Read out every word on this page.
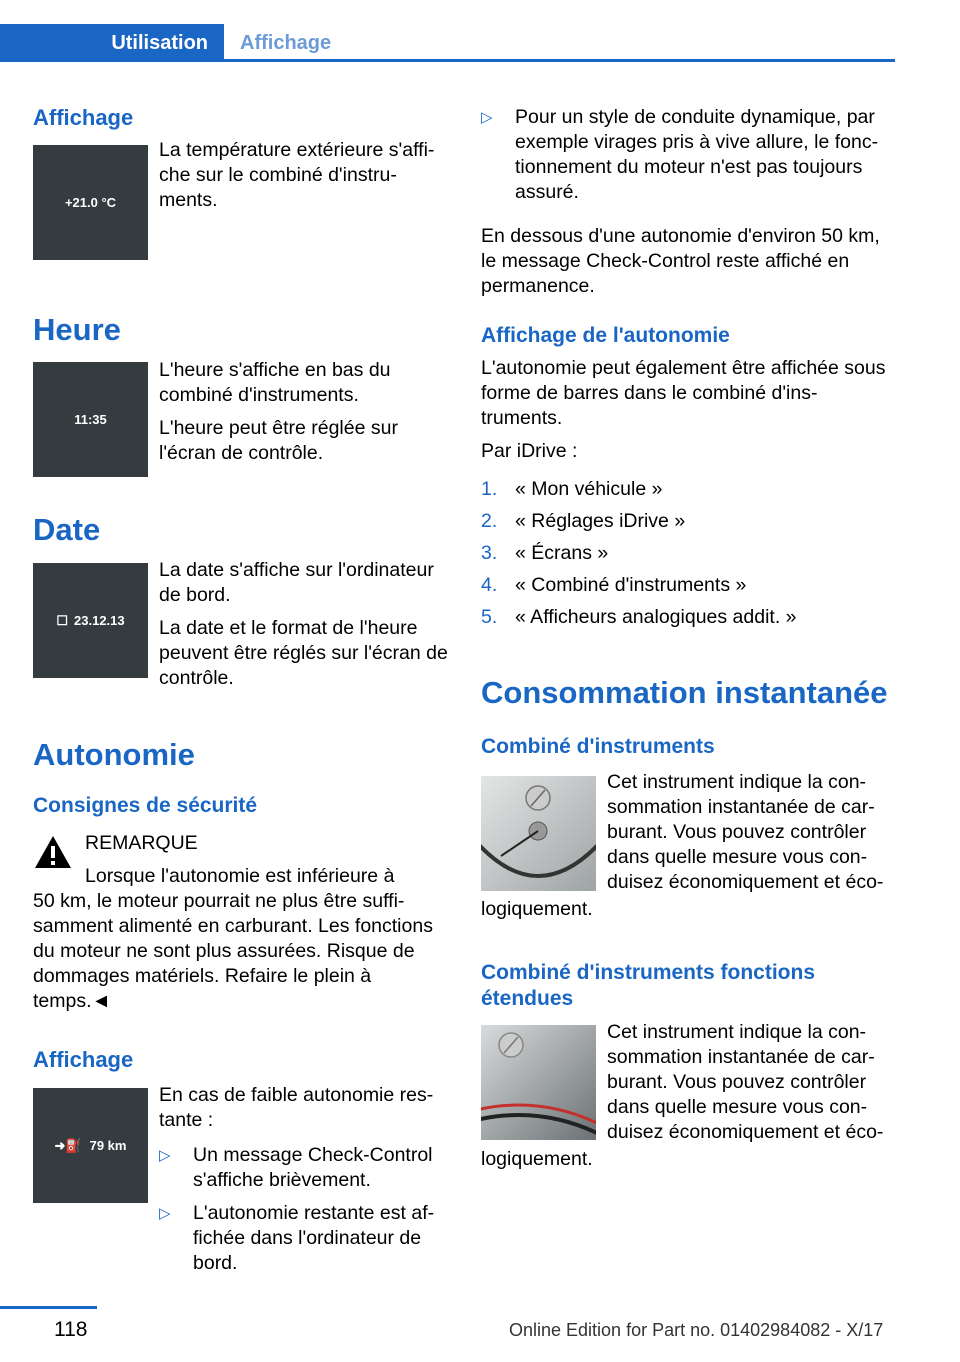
Utilisation	Affichage
Affichage
+21.0 °C
La température extérieure s'affi-che sur le combiné d'instru-ments.
Heure
11:35

L'heure s'affiche en bas du combiné d'instruments.

L'heure peut être réglée sur l'écran de contrôle.

Date
☐ 23.12.13

La date s'affiche sur l'ordinateur de bord.

La date et le format de l'heure peuvent être réglés sur l'écran de contrôle.

Autonomie
Consignes de sécurité
REMARQUE
Lorsque l'autonomie est inférieure à
50 km, le moteur pourrait ne plus être suffi-samment alimenté en carburant. Les fonctions du moteur ne sont plus assurées. Risque de dommages matériels. Refaire le plein à temps.◄
Affichage
➜⛽ 79 km

En cas de faible autonomie res-tante :

▷ Un message Check-Control s'affiche brièvement.
▷ L'autonomie restante est af-fichée dans l'ordinateur de bord.
▷ Pour un style de conduite dynamique, par exemple virages pris à vive allure, le fonc-tionnement du moteur n'est pas toujours assuré.
En dessous d'une autonomie d'environ 50 km, le message Check-Control reste affiché en permanence.
Affichage de l'autonomie
L'autonomie peut également être affichée sous forme de barres dans le combiné d'ins-truments.
Par iDrive :
1. « Mon véhicule »
2. « Réglages iDrive »
3. « Écrans »
4. « Combiné d'instruments »
5. « Afficheurs analogiques addit. »
Consommation instantanée
Combiné d'instruments
Cet instrument indique la con-sommation instantanée de car-burant. Vous pouvez contrôler dans quelle mesure vous con-duisez économiquement et éco-
logiquement.
Combiné d'instruments fonctions étendues
Cet instrument indique la con-sommation instantanée de car-burant. Vous pouvez contrôler dans quelle mesure vous con-duisez économiquement et éco-
logiquement.
118	Online Edition for Part no. 01402984082 - X/17
